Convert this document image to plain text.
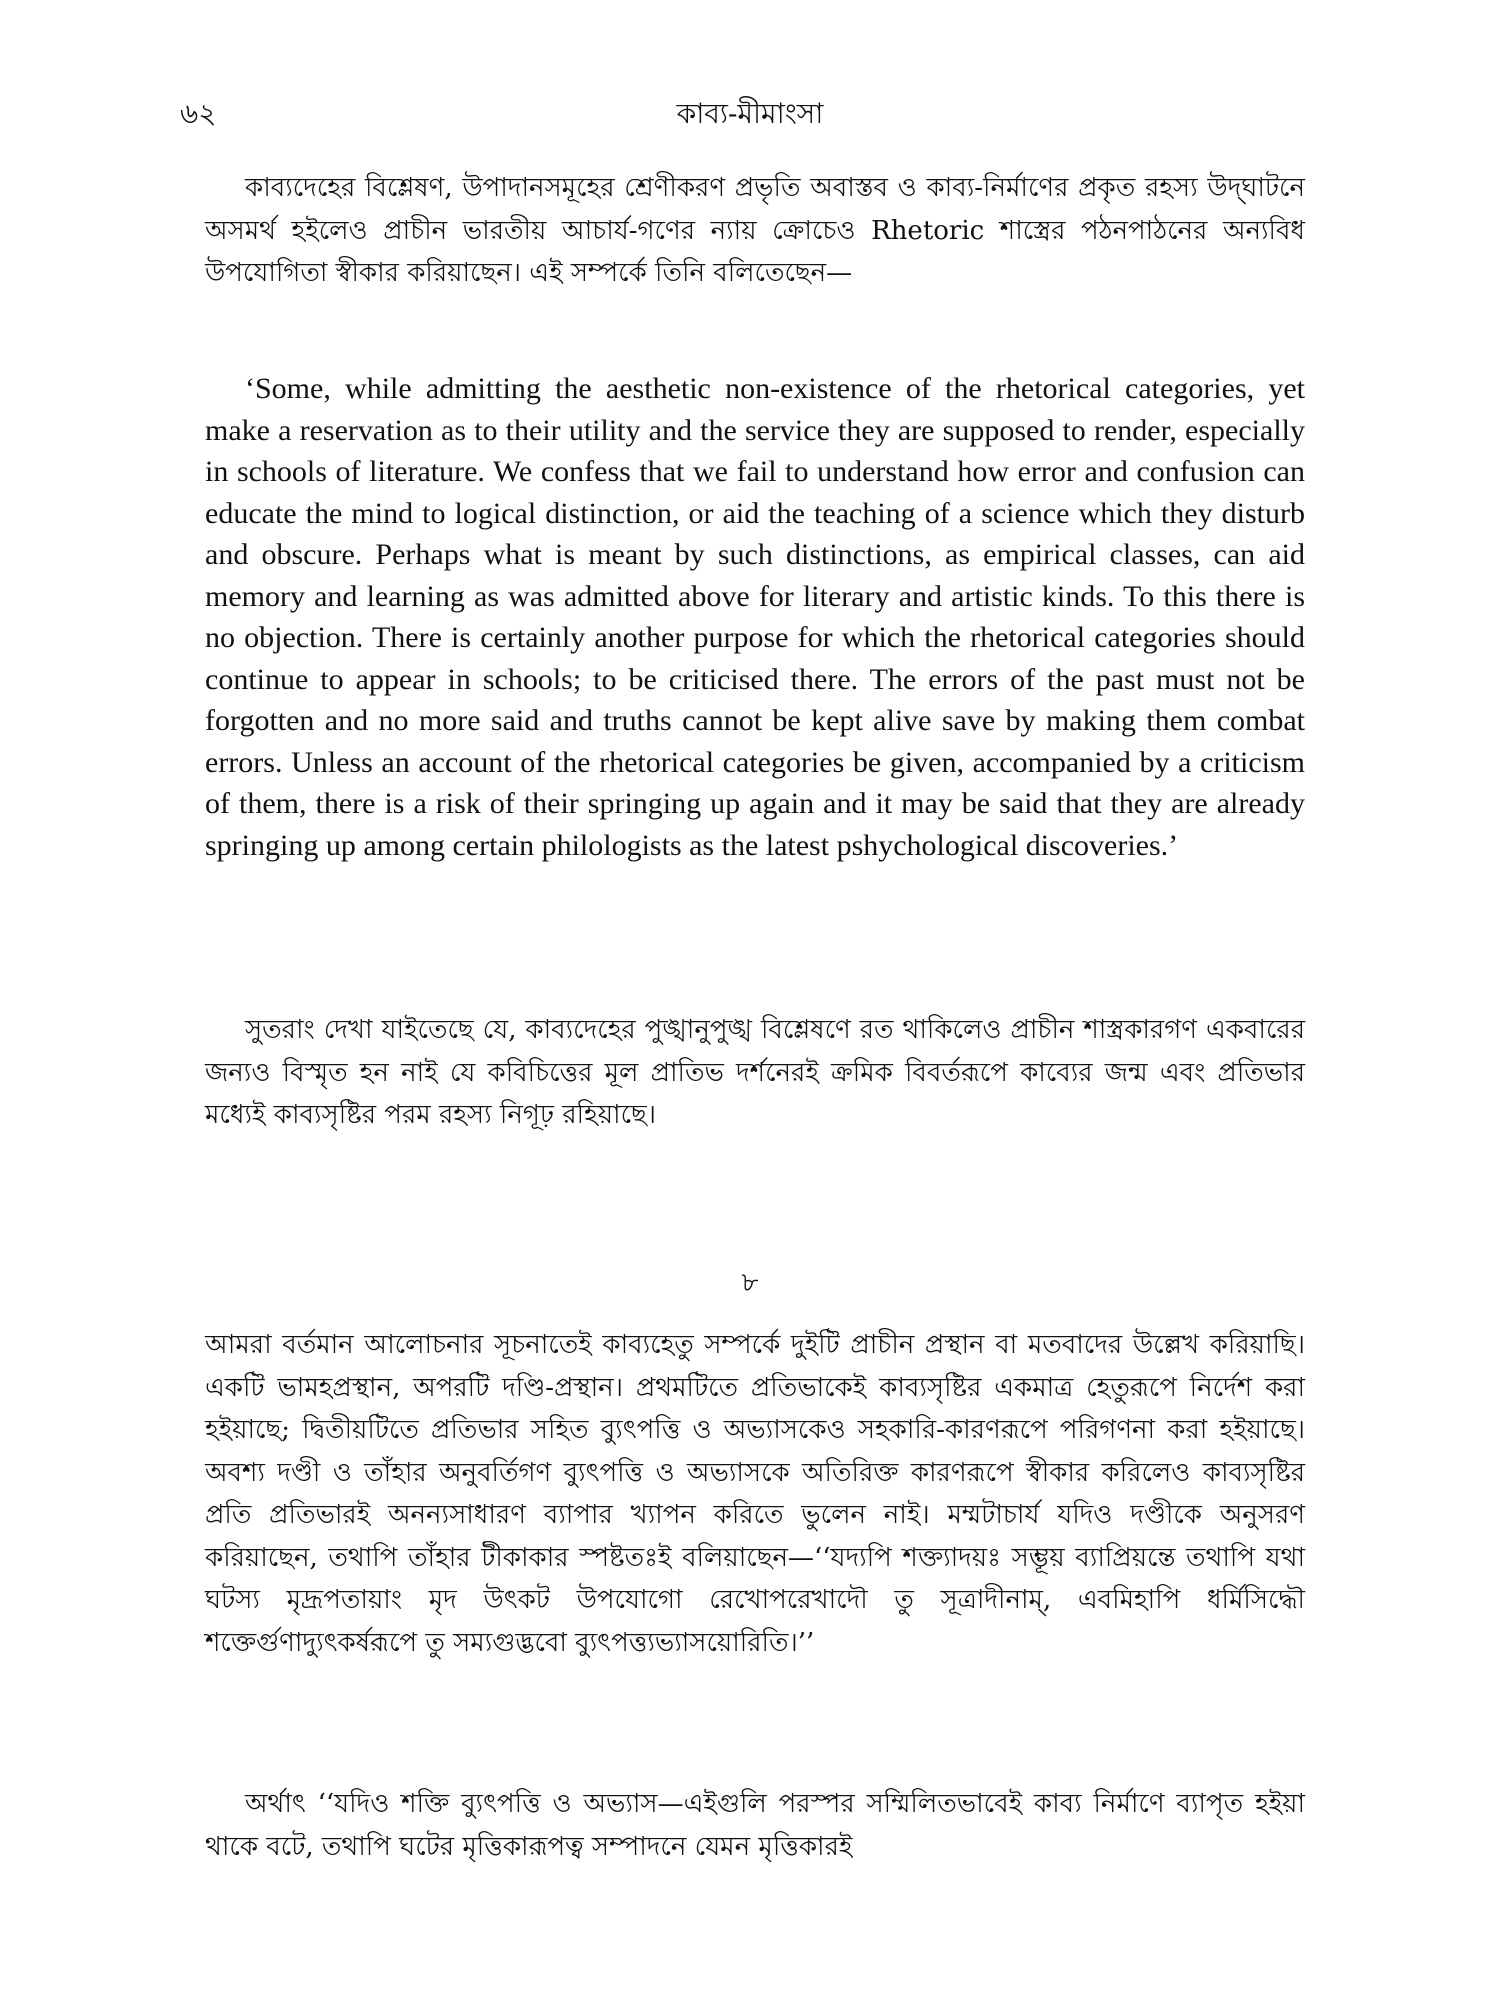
৬২	কাব্য-মীমাংসা

কাব্যদেহের বিশ্লেষণ, উপাদানসমূহের শ্রেণীকরণ প্রভৃতি অবাস্তব ও কাব্য-নির্মাণের প্রকৃত রহস্য উদ্‌ঘাটনে অসমর্থ হইলেও প্রাচীন ভারতীয় আচার্য-গণের ন্যায় ক্রোচেও Rhetoric শাস্ত্রের পঠনপাঠনের অন্যবিধ উপযোগিতা স্বীকার করিয়াছেন। এই সম্পর্কে তিনি বলিতেছেন—

‘Some, while admitting the aesthetic non-existence of the rhetorical categories, yet make a reservation as to their utility and the service they are supposed to render, especially in schools of literature. We confess that we fail to understand how error and confusion can educate the mind to logical distinction, or aid the teaching of a science which they disturb and obscure. Perhaps what is meant by such distinctions, as empirical classes, can aid memory and learning as was admitted above for literary and artistic kinds. To this there is no objection. There is certainly another purpose for which the rhetorical categories should continue to appear in schools; to be criticised there. The errors of the past must not be forgotten and no more said and truths cannot be kept alive save by making them combat errors. Unless an account of the rhetorical categories be given, accompanied by a criticism of them, there is a risk of their springing up again and it may be said that they are already springing up among certain philologists as the latest pshychological discoveries.’

সুতরাং দেখা যাইতেছে যে, কাব্যদেহের পুঙ্খানুপুঙ্খ বিশ্লেষণে রত থাকিলেও প্রাচীন শাস্ত্রকারগণ একবারের জন্যও বিস্মৃত হন নাই যে কবিচিত্তের মূল প্রাতিভ দর্শনেরই ক্রমিক বিবর্তরূপে কাব্যের জন্ম এবং প্রতিভার মধ্যেই কাব্যসৃষ্টির পরম রহস্য নিগূঢ় রহিয়াছে।

৮

আমরা বর্তমান আলোচনার সূচনাতেই কাব্যহেতু সম্পর্কে দুইটি প্রাচীন প্রস্থান বা মতবাদের উল্লেখ করিয়াছি। একটি ভামহপ্রস্থান, অপরটি দণ্ডি-প্রস্থান। প্রথমটিতে প্রতিভাকেই কাব্যসৃষ্টির একমাত্র হেতুরূপে নির্দেশ করা হইয়াছে; দ্বিতীয়টিতে প্রতিভার সহিত ব্যুৎপত্তি ও অভ্যাসকেও সহকারি-কারণরূপে পরিগণনা করা হইয়াছে। অবশ্য দণ্ডী ও তাঁহার অনুবর্তিগণ ব্যুৎপত্তি ও অভ্যাসকে অতিরিক্ত কারণরূপে স্বীকার করিলেও কাব্যসৃষ্টির প্রতি প্রতিভারই অনন্যসাধারণ ব্যাপার খ্যাপন করিতে ভুলেন নাই। মম্মটাচার্য যদিও দণ্ডীকে অনুসরণ করিয়াছেন, তথাপি তাঁহার টীকাকার স্পষ্টতঃই বলিয়াছেন—‘‘যদ্যপি শক্ত্যাদয়ঃ সম্ভূয় ব্যাপ্রিয়ন্তে তথাপি যথা ঘটস্য মৃদ্রূপতায়াং মৃদ উৎকট উপযোগো রেখোপরেখাদৌ তু সূত্রাদীনাম্‌, এবমিহাপি ধর্মিসিদ্ধৌ শক্তের্গুণাদ্যুৎকর্ষরূপে তু সম্যগুদ্ভবো ব্যুৎপত্ত্যভ্যাসয়োরিতি।’’

অর্থাৎ ‘‘যদিও শক্তি ব্যুৎপত্তি ও অভ্যাস—এইগুলি পরস্পর সম্মিলিতভাবেই কাব্য নির্মাণে ব্যাপৃত হইয়া থাকে বটে, তথাপি ঘটের মৃত্তিকারূপত্ব সম্পাদনে যেমন মৃত্তিকারই
